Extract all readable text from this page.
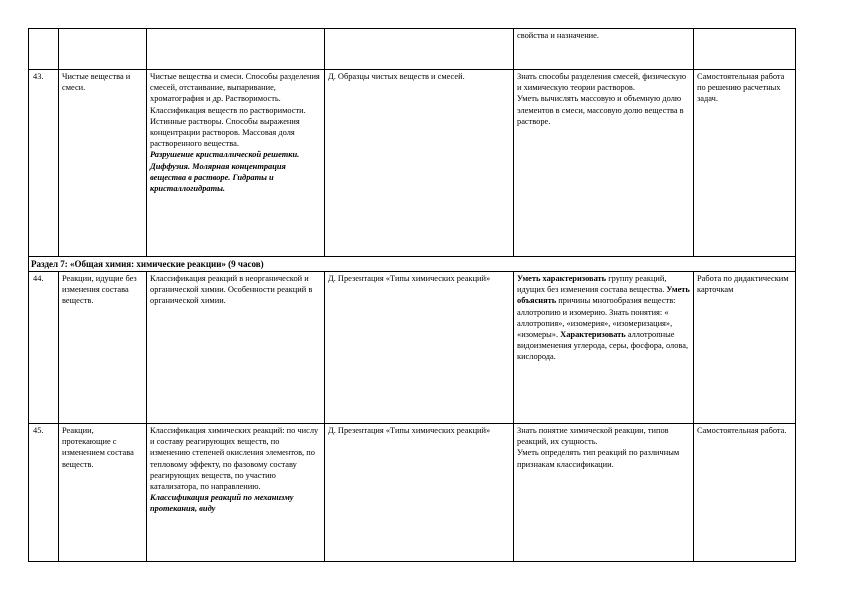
				свойства и назначение.	
43.	Чистые вещества и смеси.	Чистые вещества и смеси. Способы разделения смесей, отстаивание, выпаривание, хроматография и др. Растворимость. Классификация веществ по растворимости. Истинные растворы. Способы выражения концентрации растворов. Массовая доля растворенного вещества.
Разрушение кристаллической решетки. Диффузия. Молярная концентрация вещества в растворе. Гидраты и кристаллогидраты.	Д. Образцы чистых веществ и смесей.	Знать способы разделения смесей, физическую и химическую теории растворов.
Уметь вычислять массовую и объемную долю элементов в смеси, массовую долю вещества в растворе.	Самостоятельная работа по решению расчетных задач.
Раздел 7: «Общая химия: химические реакции» (9 часов)					
44.	Реакции, идущие без изменения состава веществ.	Классификация реакций в неорганической и органической химии. Особенности реакций в органической химии.	Д. Презентация «Типы химических реакций»	Уметь характеризовать группу реакций, идущих без изменения состава вещества. Уметь объяснять причины многообразия веществ: аллотропию и изомерию. Знать понятия: « аллотропия», «изомерия», «изомеризация», «изомеры». Характеризовать аллотропные видоизменения углерода, серы, фосфора, олова, кислорода.	Работа по дидактическим карточкам
45.	Реакции, протекающие с изменением состава веществ.	Классификация химических реакций: по числу и составу реагирующих веществ, по изменению степеней окисления элементов, по тепловому эффекту, по фазовому составу реагирующих веществ, по участию катализатора, по направлению.
Классификация реакций по механизму протекания, виду	Д. Презентация «Типы химических реакций»	Знать понятие химической реакции, типов реакций, их сущность.
Уметь определять тип реакций по различным признакам классификации.	Самостоятельная работа.
